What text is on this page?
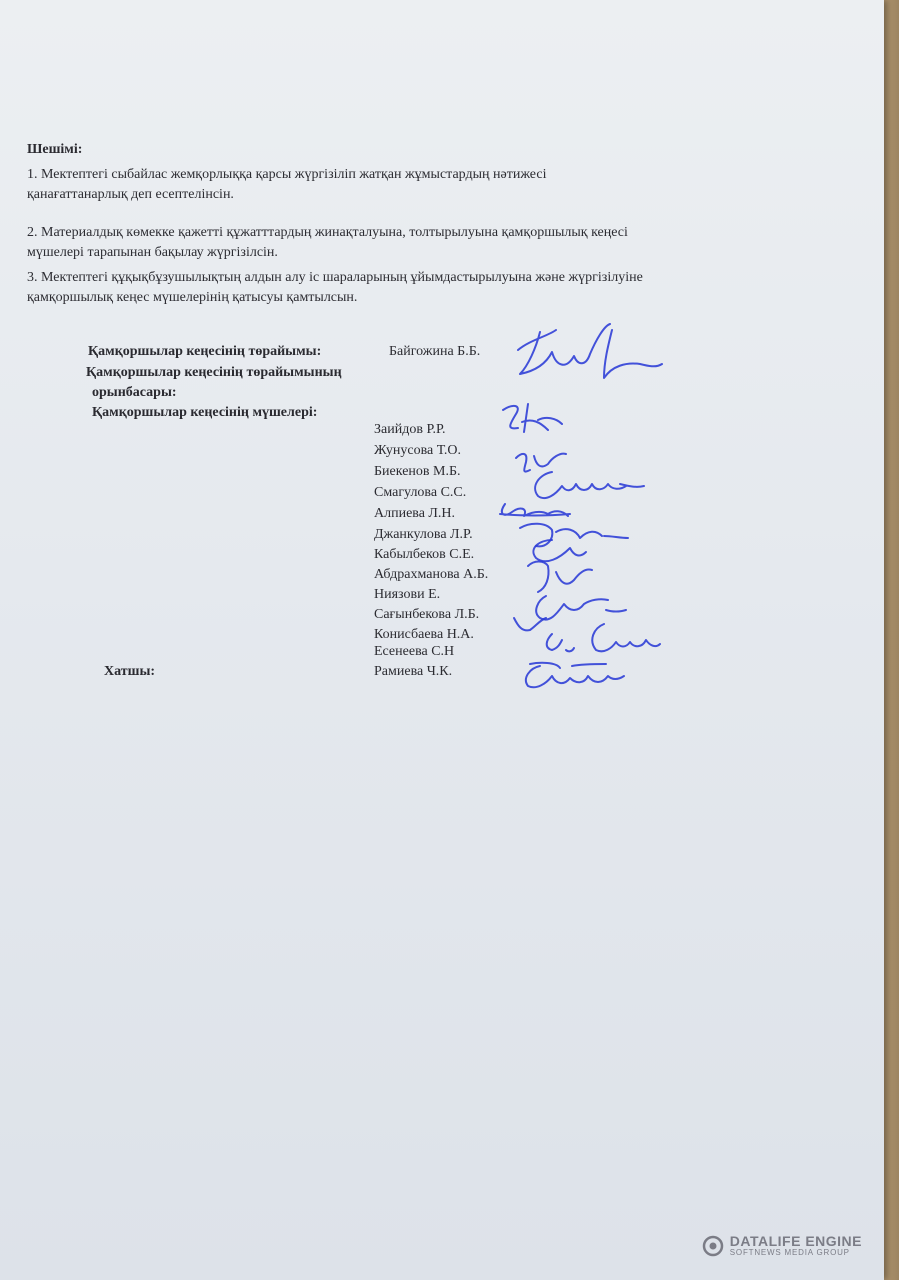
Шешімі:

1. Мектептегі сыбайлас жемқорлыққа қарсы жүргізіліп жатқан жұмыстардың нәтижесі
қанағаттанарлық деп есептелінсін.

2. Материалдық көмекке қажетті құжатттардың жинақталуына, толтырылуына қамқоршылық кеңесі
мүшелері тарапынан бақылау жүргізілсін.

3. Мектептегі құқықбұзушылықтың алдын алу іс шараларының ұйымдастырылуына және жүргізілуіне
қамқоршылық кеңес мүшелерінің қатысуы қамтылсын.

Қамқоршылар кеңесінің төрайымы:	Байгожина Б.Б.
Қамқоршылар кеңесінің төрайымының
орынбасары:
Қамқоршылар кеңесінің мүшелері:
Заийдов Р.Р.
Жунусова Т.О.
Биекенов М.Б.
Смагулова С.С.
Алпиева Л.Н.
Джанкулова Л.Р.
Кабылбеков С.Е.
Абдрахманова А.Б.
Ниязови Е.
Сағынбекова Л.Б.
Конисбаева Н.А.
Есенеева С.Н
Хатшы:	Рамиева Ч.К.
DATALIFE ENGINE
SOFTNEWS MEDIA GROUP
